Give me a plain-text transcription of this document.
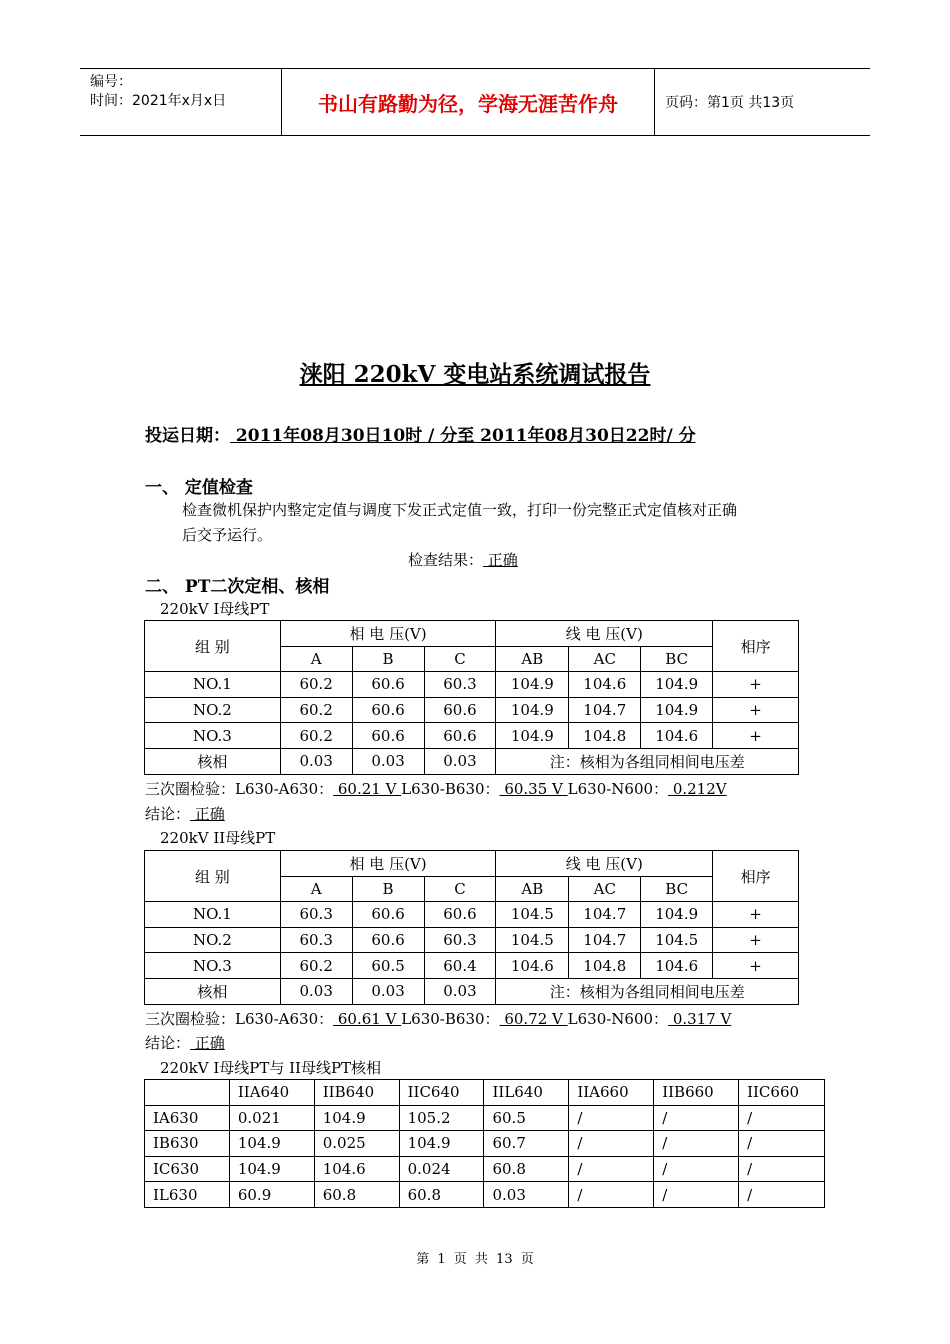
编号：
时间：2021年x月x日	书山有路勤为径，学海无涯苦作舟	页码：第1页 共13页
涞阳 220kV 变电站系统调试报告
投运日期： 2011年08月30日10时 / 分至 2011年08月30日22时/ 分
一、 定值检查
检查微机保护内整定定值与调度下发正式定值一致，打印一份完整正式定值核对正确
后交予运行。
检查结果： 正确
二、 PT二次定相、核相
220kV I母线PT
组 别	相 电 压(V)			线 电 压(V)			相序
	A	B	C	AB	AC	BC	
NO.1	60.2	60.6	60.3	104.9	104.6	104.9	+
NO.2	60.2	60.6	60.6	104.9	104.7	104.9	+
NO.3	60.2	60.6	60.6	104.9	104.8	104.6	+
核相	0.03	0.03	0.03	注：核相为各组同相间电压差			
三次圈检验：L630-A630： 60.21 V L630-B630： 60.35 V L630-N600： 0.212V
结论： 正确
220kV II母线PT
组 别	相 电 压(V)			线 电 压(V)			相序
	A	B	C	AB	AC	BC	
NO.1	60.3	60.6	60.6	104.5	104.7	104.9	+
NO.2	60.3	60.6	60.3	104.5	104.7	104.5	+
NO.3	60.2	60.5	60.4	104.6	104.8	104.6	+
核相	0.03	0.03	0.03	注：核相为各组同相间电压差			
三次圈检验：L630-A630： 60.61 V L630-B630： 60.72 V L630-N600： 0.317 V
结论： 正确
220kV I母线PT与 II母线PT核相
	IIA640	IIB640	IIC640	IIL640	IIA660	IIB660	IIC660
IA630	0.021	104.9	105.2	60.5	/	/	/
IB630	104.9	0.025	104.9	60.7	/	/	/
IC630	104.9	104.6	0.024	60.8	/	/	/
IL630	60.9	60.8	60.8	0.03	/	/	/
第 1 页 共 13 页
